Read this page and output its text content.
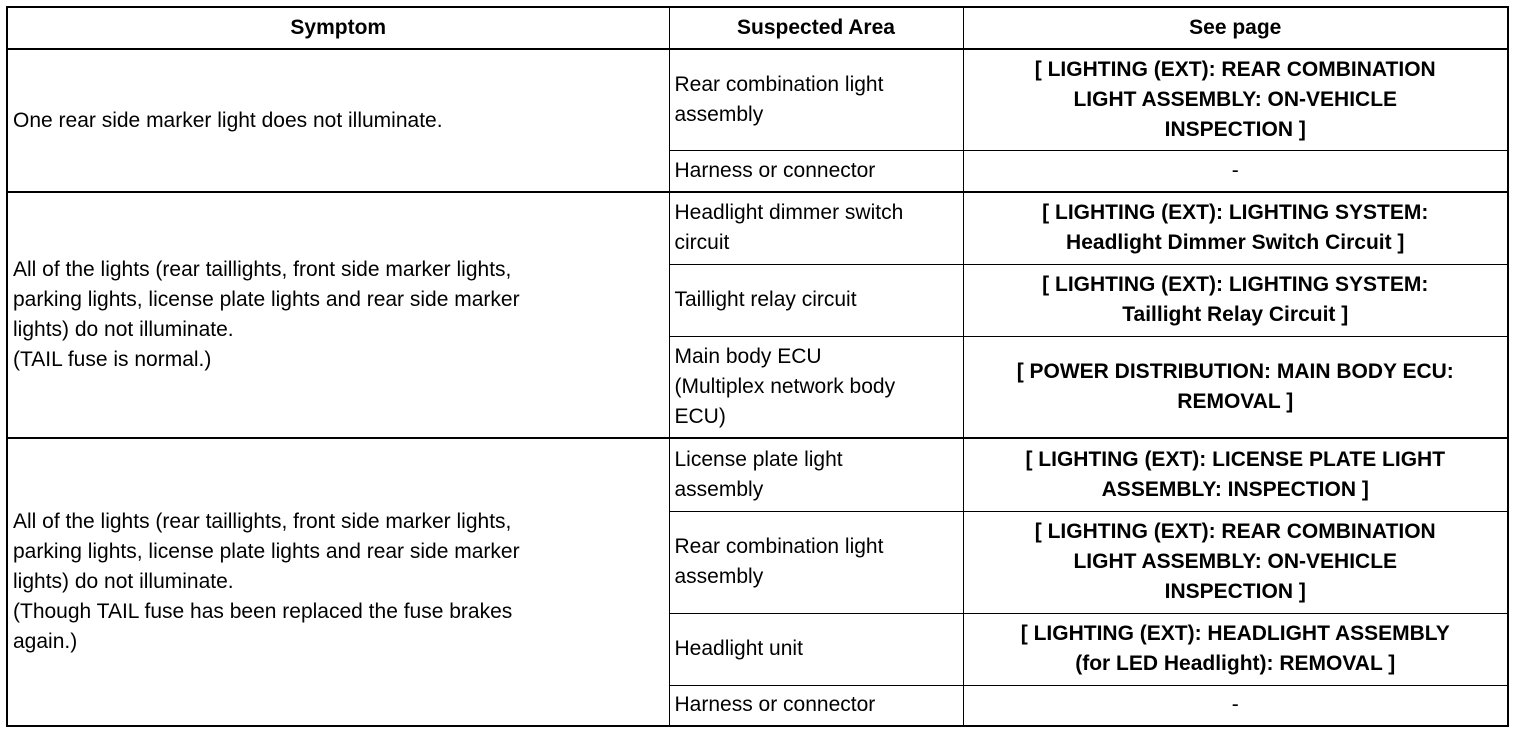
Symptom	Suspected Area	See page

One rear side marker light does not illuminate.	Rear combination light
assembly	[ LIGHTING (EXT): REAR COMBINATION
LIGHT ASSEMBLY: ON-VEHICLE
INSPECTION ]

	Harness or connector	-

All of the lights (rear taillights, front side marker lights,
parking lights, license plate lights and rear side marker
lights) do not illuminate.
(TAIL fuse is normal.)	Headlight dimmer switch
circuit	[ LIGHTING (EXT): LIGHTING SYSTEM:
Headlight Dimmer Switch Circuit ]

	Taillight relay circuit	[ LIGHTING (EXT): LIGHTING SYSTEM:
Taillight Relay Circuit ]

	Main body ECU
(Multiplex network body
ECU)	[ POWER DISTRIBUTION: MAIN BODY ECU:
REMOVAL ]

All of the lights (rear taillights, front side marker lights,
parking lights, license plate lights and rear side marker
lights) do not illuminate.
(Though TAIL fuse has been replaced the fuse brakes
again.)	License plate light
assembly	[ LIGHTING (EXT): LICENSE PLATE LIGHT
ASSEMBLY: INSPECTION ]

	Rear combination light
assembly	[ LIGHTING (EXT): REAR COMBINATION
LIGHT ASSEMBLY: ON-VEHICLE
INSPECTION ]

	Headlight unit	[ LIGHTING (EXT): HEADLIGHT ASSEMBLY
(for LED Headlight): REMOVAL ]

	Harness or connector	-
